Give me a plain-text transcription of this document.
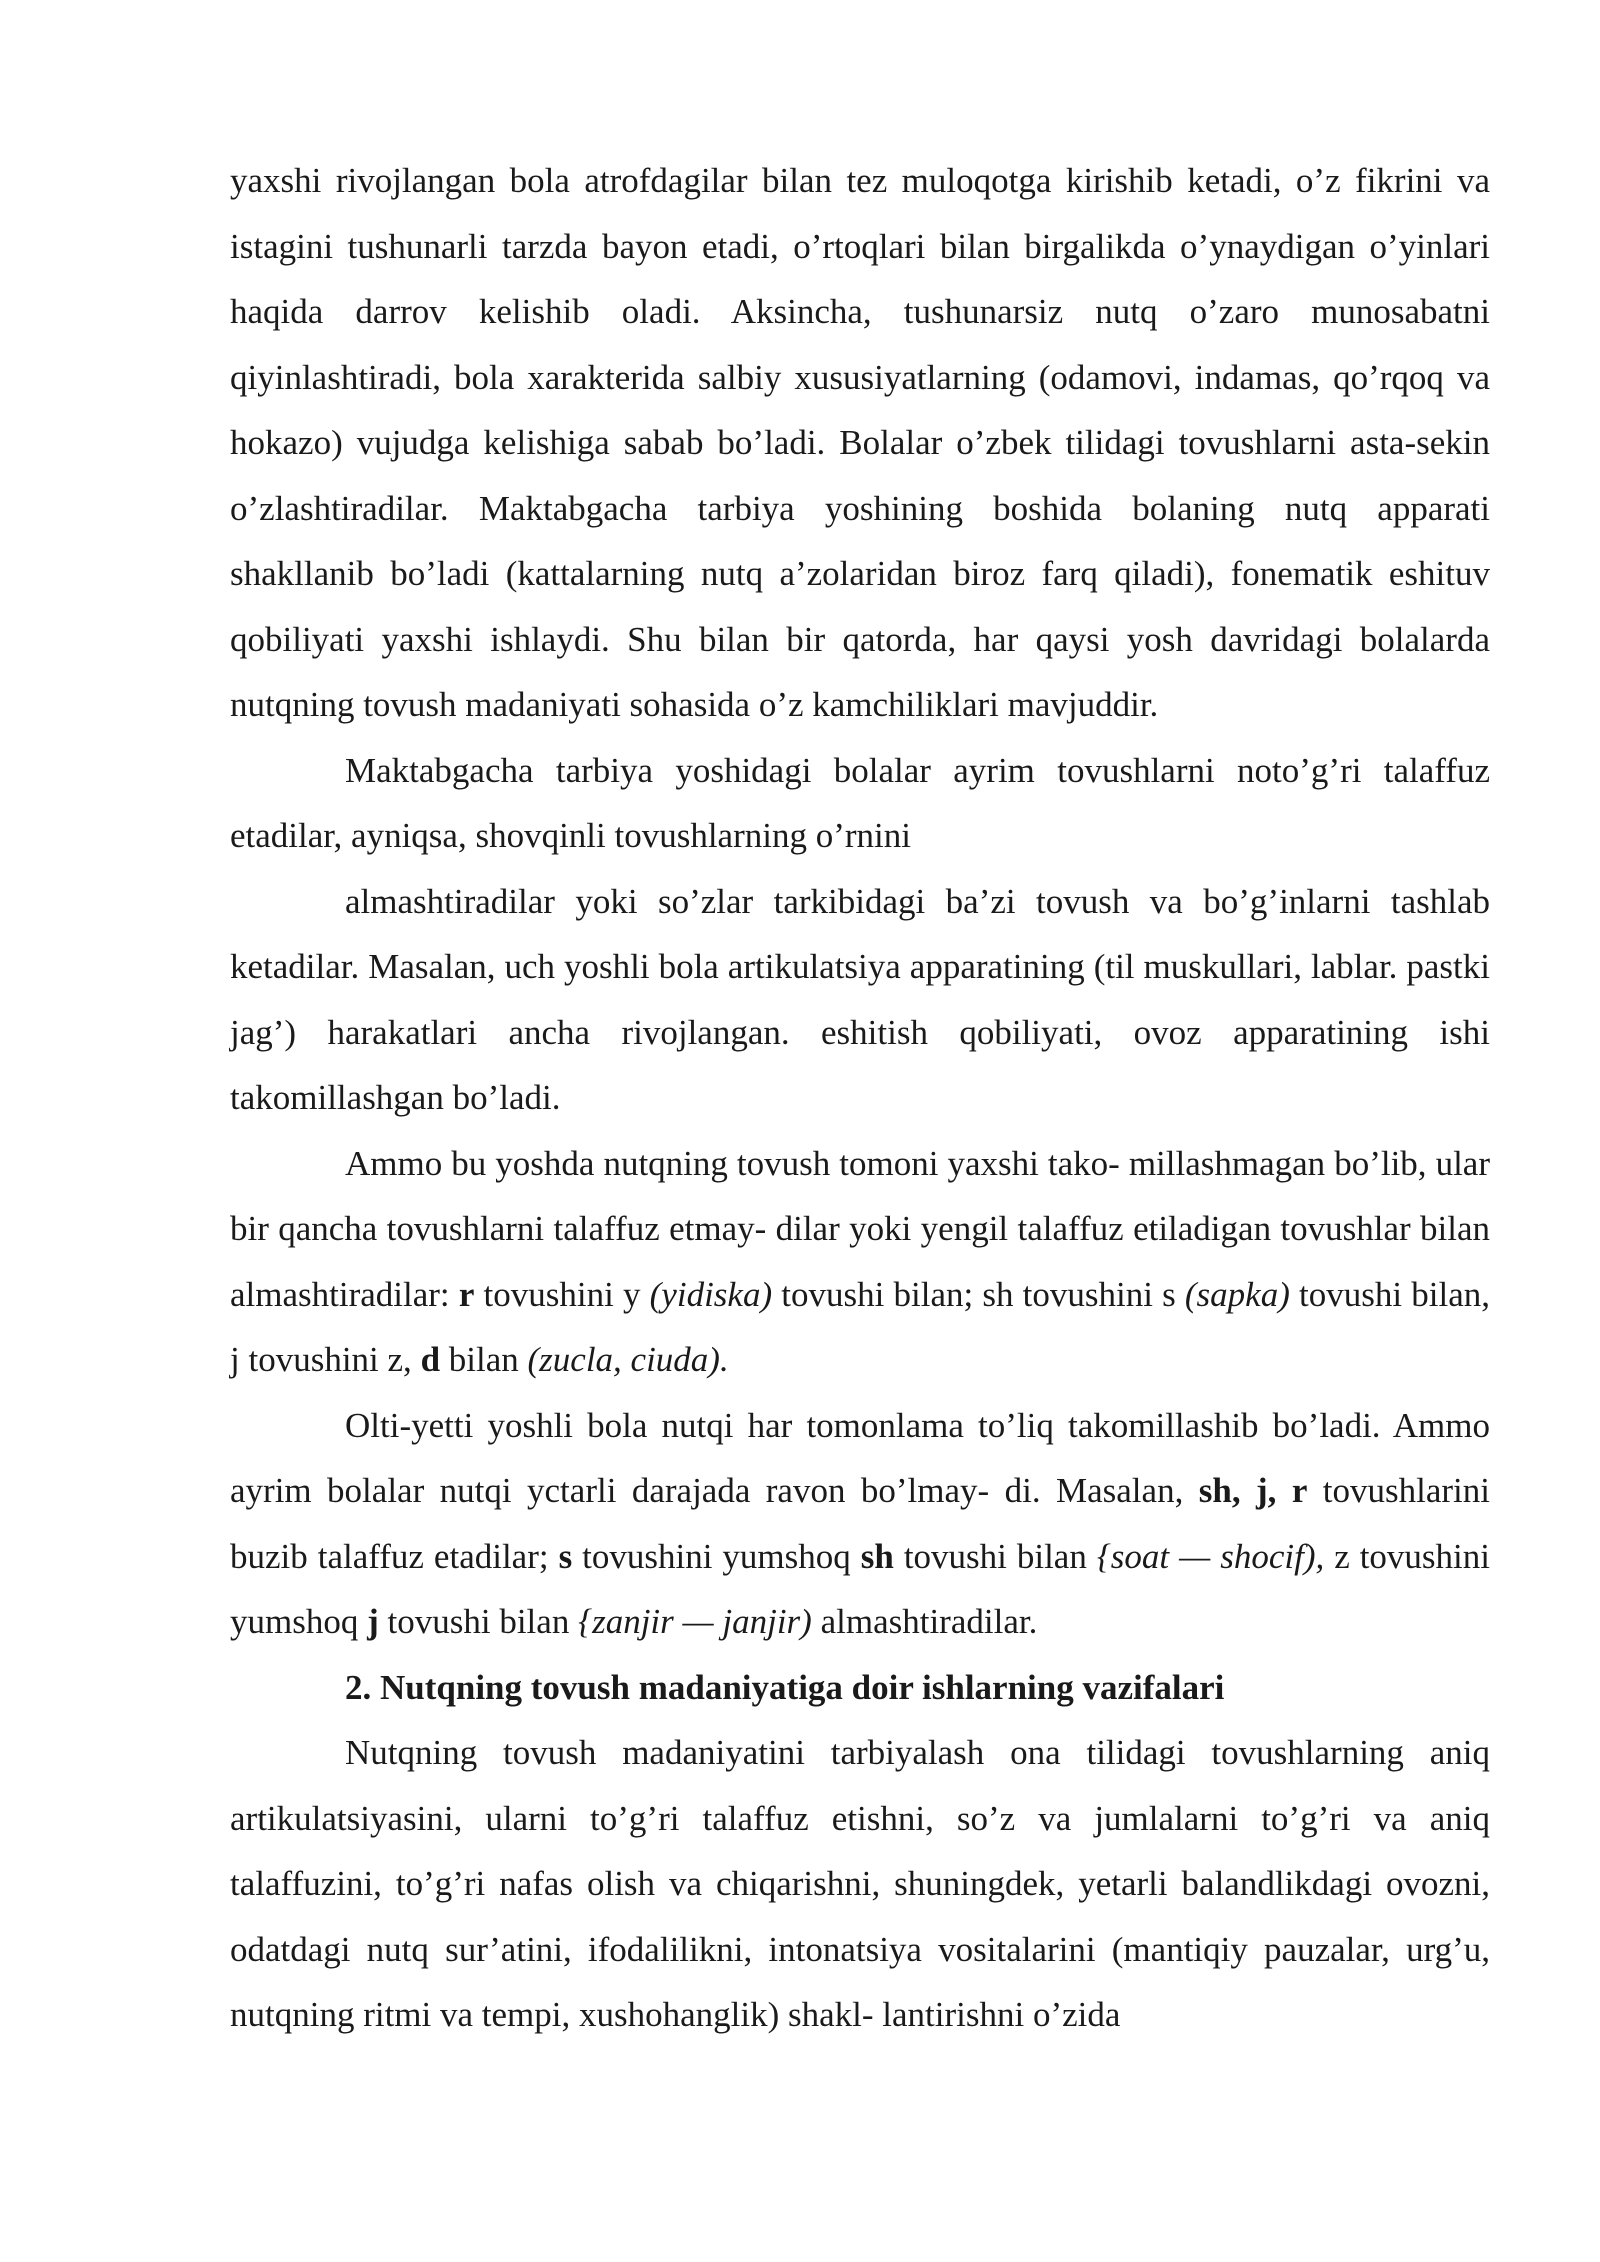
yaxshi rivojlangan bola atrofdagilar bilan tez muloqotga kirishib ketadi, o’z fikrini va istagini tushunarli tarzda bayon etadi, o’rtoqlari bilan birgalikda o’ynaydigan o’yinlari haqida darrov kelishib oladi. Aksincha, tushunarsiz nutq o’zaro munosabatni qiyinlashtiradi, bola xarakterida salbiy xususiyatlarning (odamovi, indamas, qo’rqoq va hokazo) vujudga kelishiga sabab bo’ladi. Bolalar o’zbek tilidagi tovushlarni asta-sekin o’zlashtiradilar. Maktabgacha tarbiya yoshining boshida bolaning nutq apparati shakllanib bo’ladi (kattalarning nutq a’zolaridan biroz farq qiladi), fonematik eshituv qobiliyati yaxshi ishlaydi. Shu bilan bir qatorda, har qaysi yosh davridagi bolalarda nutqning tovush madaniyati sohasida o’z kamchiliklari mavjuddir.

Maktabgacha tarbiya yoshidagi bolalar ayrim tovushlarni noto’g’ri talaffuz etadilar, ayniqsa, shovqinli tovushlarning o’rnini

almashtiradilar yoki so’zlar tarkibidagi ba’zi tovush va bo’g’inlarni tashlab ketadilar. Masalan, uch yoshli bola artikulatsiya apparatining (til muskullari, lablar. pastki jag’) harakatlari ancha rivojlangan. eshitish qobiliyati, ovoz apparatining ishi takomillashgan bo’ladi.

Ammo bu yoshda nutqning tovush tomoni yaxshi tako- millashmagan bo’lib, ular bir qancha tovushlarni talaffuz etmay- dilar yoki yengil talaffuz etiladigan tovushlar bilan almashtiradilar: r tovushini y (yidiska) tovushi bilan; sh tovushini s (sapka) tovushi bilan, j tovushini z, d bilan (zucla, ciuda).

Olti-yetti yoshli bola nutqi har tomonlama to’liq takomillashib bo’ladi. Ammo ayrim bolalar nutqi yctarli darajada ravon bo’lmay- di. Masalan, sh, j, r tovushlarini buzib talaffuz etadilar; s tovushini yumshoq sh tovushi bilan {soat — shocif), z tovushini yumshoq j tovushi bilan {zanjir — janjir) almashtiradilar.

2. Nutqning tovush madaniyatiga doir ishlarning vazifalari

Nutqning tovush madaniyatini tarbiyalash ona tilidagi tovushlarning aniq artikulatsiyasini, ularni to’g’ri talaffuz etishni, so’z va jumlalarni to’g’ri va aniq talaffuzini, to’g’ri nafas olish va chiqarishni, shuningdek, yetarli balandlikdagi ovozni, odatdagi nutq sur’atini, ifodalilikni, intonatsiya vositalarini (mantiqiy pauzalar, urg’u, nutqning ritmi va tempi, xushohanglik) shakl- lantirishni o’zida
